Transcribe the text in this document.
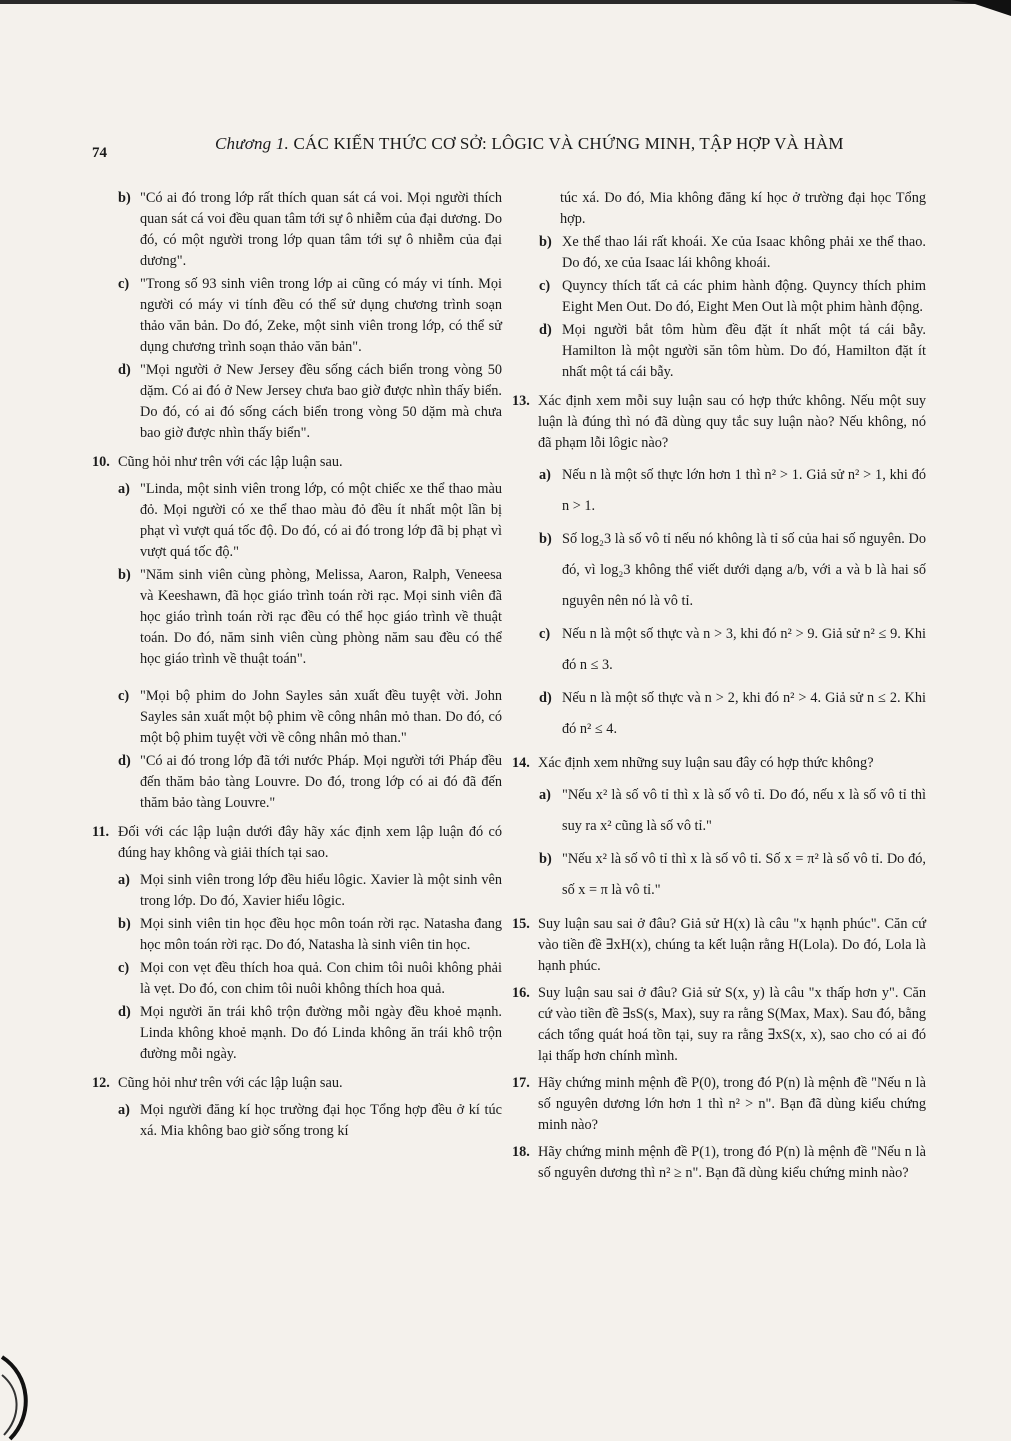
74	Chương 1. CÁC KIẾN THỨC CƠ SỞ: LÔGIC VÀ CHỨNG MINH, TẬP HỢP VÀ HÀM
b) "Có ai đó trong lớp rất thích quan sát cá voi. Mọi người thích quan sát cá voi đều quan tâm tới sự ô nhiễm của đại dương. Do đó, có một người trong lớp quan tâm tới sự ô nhiễm của đại dương".
c) "Trong số 93 sinh viên trong lớp ai cũng có máy vi tính. Mọi người có máy vi tính đều có thể sử dụng chương trình soạn thảo văn bản. Do đó, Zeke, một sinh viên trong lớp, có thể sử dụng chương trình soạn thảo văn bản".
d) "Mọi người ở New Jersey đều sống cách biển trong vòng 50 dặm. Có ai đó ở New Jersey chưa bao giờ được nhìn thấy biển. Do đó, có ai đó sống cách biển trong vòng 50 dặm mà chưa bao giờ được nhìn thấy biển".
10. Cũng hỏi như trên với các lập luận sau.
a) "Linda, một sinh viên trong lớp, có một chiếc xe thể thao màu đỏ. Mọi người có xe thể thao màu đỏ đều ít nhất một lần bị phạt vì vượt quá tốc độ. Do đó, có ai đó trong lớp đã bị phạt vì vượt quá tốc độ."
b) "Năm sinh viên cùng phòng, Melissa, Aaron, Ralph, Veneesa và Keeshawn, đã học giáo trình toán rời rạc. Mọi sinh viên đã học giáo trình toán rời rạc đều có thể học giáo trình về thuật toán. Do đó, năm sinh viên cùng phòng năm sau đều có thể học giáo trình về thuật toán".
c) "Mọi bộ phim do John Sayles sản xuất đều tuyệt vời. John Sayles sản xuất một bộ phim về công nhân mỏ than. Do đó, có một bộ phim tuyệt vời về công nhân mỏ than."
d) "Có ai đó trong lớp đã tới nước Pháp. Mọi người tới Pháp đều đến thăm bảo tàng Louvre. Do đó, trong lớp có ai đó đã đến thăm bảo tàng Louvre."
11. Đối với các lập luận dưới đây hãy xác định xem lập luận đó có đúng hay không và giải thích tại sao.
a) Mọi sinh viên trong lớp đều hiểu lôgic. Xavier là một sinh vên trong lớp. Do đó, Xavier hiểu lôgic.
b) Mọi sinh viên tin học đều học môn toán rời rạc. Natasha đang học môn toán rời rạc. Do đó, Natasha là sinh viên tin học.
c) Mọi con vẹt đều thích hoa quả. Con chim tôi nuôi không phải là vẹt. Do đó, con chim tôi nuôi không thích hoa quả.
d) Mọi người ăn trái khô trộn đường mỗi ngày đều khoẻ mạnh. Linda không khoẻ mạnh. Do đó Linda không ăn trái khô trộn đường mỗi ngày.
12. Cũng hỏi như trên với các lập luận sau.
a) Mọi người đăng kí học trường đại học Tổng hợp đều ở kí túc xá. Mia không bao giờ sống trong kí
túc xá. Do đó, Mia không đăng kí học ở trường đại học Tổng hợp.
b) Xe thể thao lái rất khoái. Xe của Isaac không phải xe thể thao. Do đó, xe của Isaac lái không khoái.
c) Quyncy thích tất cả các phim hành động. Quyncy thích phim Eight Men Out. Do đó, Eight Men Out là một phim hành động.
d) Mọi người bắt tôm hùm đều đặt ít nhất một tá cái bẫy. Hamilton là một người săn tôm hùm. Do đó, Hamilton đặt ít nhất một tá cái bẫy.
13. Xác định xem mỗi suy luận sau có hợp thức không. Nếu một suy luận là đúng thì nó đã dùng quy tắc suy luận nào? Nếu không, nó đã phạm lỗi lôgic nào?
a) Nếu n là một số thực lớn hơn 1 thì n² > 1. Giả sử n² > 1, khi đó n > 1.
b) Số log₂3 là số vô tỉ nếu nó không là tỉ số của hai số nguyên. Do đó, vì log₂3 không thể viết dưới dạng a/b, với a và b là hai số nguyên nên nó là vô tỉ.
c) Nếu n là một số thực và n > 3, khi đó n² > 9. Giả sử n² ≤ 9. Khi đó n ≤ 3.
d) Nếu n là một số thực và n > 2, khi đó n² > 4. Giả sử n ≤ 2. Khi đó n² ≤ 4.
14. Xác định xem những suy luận sau đây có hợp thức không?
a) "Nếu x² là số vô tỉ thì x là số vô tỉ. Do đó, nếu x là số vô tỉ thì suy ra x² cũng là số vô tỉ."
b) "Nếu x² là số vô tỉ thì x là số vô tỉ. Số x = π² là số vô tỉ. Do đó, số x = π là vô tỉ."
15. Suy luận sau sai ở đâu? Giả sử H(x) là câu "x hạnh phúc". Căn cứ vào tiền đề ∃xH(x), chúng ta kết luận rằng H(Lola). Do đó, Lola là hạnh phúc.
16. Suy luận sau sai ở đâu? Giả sử S(x, y) là câu "x thấp hơn y". Căn cứ vào tiền đề ∃sS(s, Max), suy ra rằng S(Max, Max). Sau đó, bằng cách tổng quát hoá tồn tại, suy ra rằng ∃xS(x, x), sao cho có ai đó lại thấp hơn chính mình.
17. Hãy chứng minh mệnh đề P(0), trong đó P(n) là mệnh đề "Nếu n là số nguyên dương lớn hơn 1 thì n² > n". Bạn đã dùng kiểu chứng minh nào?
18. Hãy chứng minh mệnh đề P(1), trong đó P(n) là mệnh đề "Nếu n là số nguyên dương thì n² ≥ n". Bạn đã dùng kiểu chứng minh nào?
